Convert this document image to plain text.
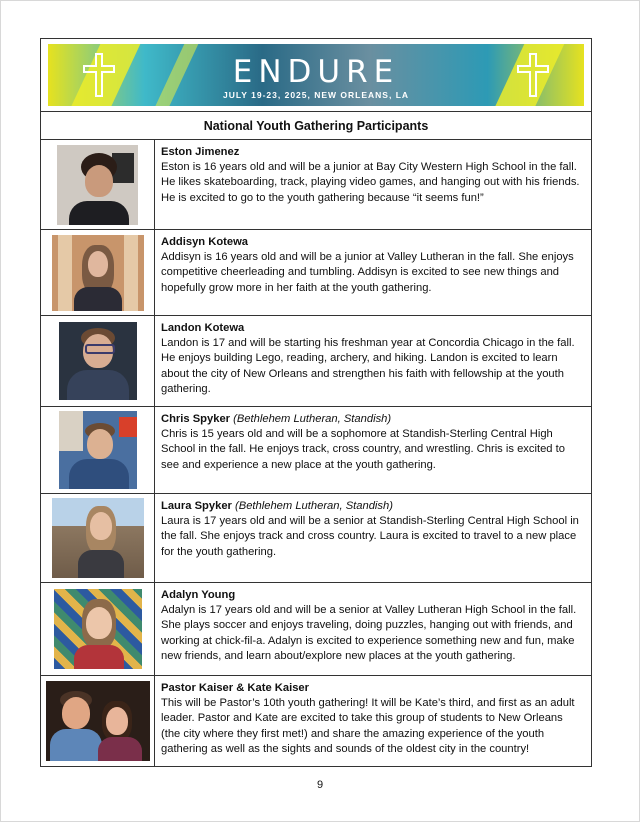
ENDURE
JULY 19-23, 2025, NEW ORLEANS, LA
National Youth Gathering Participants
Eston Jimenez
Eston is 16 years old and will be a junior at Bay City Western High School in the fall. He likes skateboarding, track, playing video games, and hanging out with his friends. He is excited to go to the youth gathering because “it seems fun!”
Addisyn Kotewa
Addisyn is 16 years old and will be a junior at Valley Lutheran in the fall. She enjoys competitive cheerleading and tumbling. Addisyn is excited to see new things and hopefully grow more in her faith at the youth gathering.
Landon Kotewa
Landon is 17 and will be starting his freshman year at Concordia Chicago in the fall. He enjoys building Lego, reading, archery, and hiking. Landon is excited to learn about the city of New Orleans and strengthen his faith with fellowship at the youth gathering.
Chris Spyker (Bethlehem Lutheran, Standish)
Chris is 15 years old and will be a sophomore at Standish-Sterling Central High School in the fall. He enjoys track, cross country, and wrestling. Chris is excited to see and experience a new place at the youth gathering.
Laura Spyker (Bethlehem Lutheran, Standish)
Laura is 17 years old and will be a senior at Standish-Sterling Central High School in the fall. She enjoys track and cross country. Laura is excited to travel to a new place for the youth gathering.
Adalyn Young
Adalyn is 17 years old and will be a senior at Valley Lutheran High School in the fall. She plays soccer and enjoys traveling, doing puzzles, hanging out with friends, and working at chick-fil-a. Adalyn is excited to experience something new and fun, make new friends, and learn about/explore new places at the youth gathering.
Pastor Kaiser & Kate Kaiser
This will be Pastor’s 10th youth gathering! It will be Kate’s third, and first as an adult leader. Pastor and Kate are excited to take this group of students to New Orleans (the city where they first met!) and share the amazing experience of the youth gathering as well as the sights and sounds of the oldest city in the country!
9
